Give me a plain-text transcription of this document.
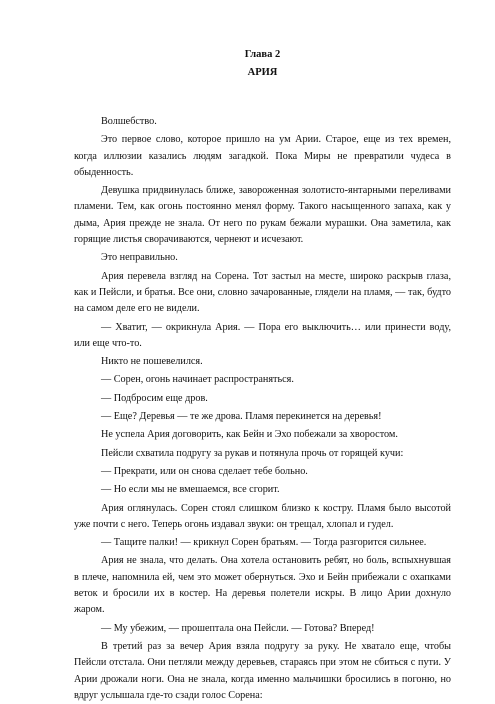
Глава 2
АРИЯ

Волшебство.

Это первое слово, которое пришло на ум Арии. Старое, еще из тех времен, когда иллюзии казались людям загадкой. Пока Миры не превратили чудеса в обыденность.

Девушка придвинулась ближе, завороженная золотисто-янтарными переливами пламени. Тем, как огонь постоянно менял форму. Такого насыщенного запаха, как у дыма, Ария прежде не знала. От него по рукам бежали мурашки. Она заметила, как горящие листья сворачиваются, чернеют и исчезают.

Это неправильно.

Ария перевела взгляд на Сорена. Тот застыл на месте, широко раскрыв глаза, как и Пейсли, и братья. Все они, словно зачарованные, глядели на пламя, — так, будто на самом деле его не видели.

— Хватит, — окрикнула Ария. — Пора его выключить… или принести воду, или еще что-то.

Никто не пошевелился.

— Сорен, огонь начинает распространяться.

— Подбросим еще дров.

— Еще? Деревья — те же дрова. Пламя перекинется на деревья!

Не успела Ария договорить, как Бейн и Эхо побежали за хворостом.

Пейсли схватила подругу за рукав и потянула прочь от горящей кучи:

— Прекрати, или он снова сделает тебе больно.

— Но если мы не вмешаемся, все сгорит.

Ария оглянулась. Сорен стоял слишком близко к костру. Пламя было высотой уже почти с него. Теперь огонь издавал звуки: он трещал, хлопал и гудел.

— Тащите палки! — крикнул Сорен братьям. — Тогда разгорится сильнее.

Ария не знала, что делать. Она хотела остановить ребят, но боль, вспыхнувшая в плече, напомнила ей, чем это может обернуться. Эхо и Бейн прибежали с охапками веток и бросили их в костер. На деревья полетели искры. В лицо Арии дохнуло жаром.

— Му убежим, — прошептала она Пейсли. — Готова? Вперед!

В третий раз за вечер Ария взяла подругу за руку. Не хватало еще, чтобы Пейсли отстала. Они петляли между деревьев, стараясь при этом не сбиться с пути. У Арии дрожали ноги. Она не знала, когда именно мальчишки бросились в погоню, но вдруг услышала где-то сзади голос Сорена:
